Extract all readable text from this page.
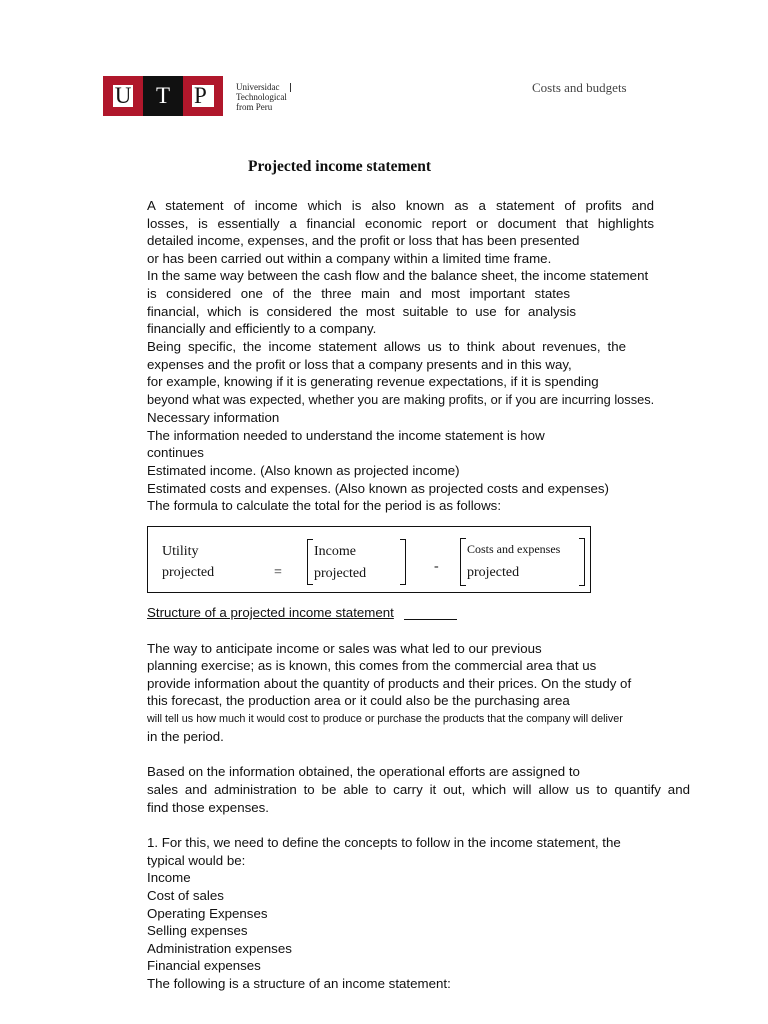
U T P	Universidac
Technological
from Peru
Costs and budgets
Projected income statement
A statement of income which is also known as a statement of profits and
losses, is essentially a financial economic report or document that highlights
detailed income, expenses, and the profit or loss that has been presented
or has been carried out within a company within a limited time frame.
In the same way between the cash flow and the balance sheet, the income statement
is considered one of the three main and most important states
financial, which is considered the most suitable to use for analysis
financially and efficiently to a company.
Being specific, the income statement allows us to think about revenues, the
expenses and the profit or loss that a company presents and in this way,
for example, knowing if it is generating revenue expectations, if it is spending
beyond what was expected, whether you are making profits, or if you are incurring losses.
Necessary information
The information needed to understand the income statement is how
continues
Estimated income. (Also known as projected income)
Estimated costs and expenses. (Also known as projected costs and expenses)
The formula to calculate the total for the period is as follows:
Utility
projected	=
Income
projected	-
Costs and expenses
projected
Structure of a projected income statement
The way to anticipate income or sales was what led to our previous
planning exercise; as is known, this comes from the commercial area that us
provide information about the quantity of products and their prices. On the study of
this forecast, the production area or it could also be the purchasing area
will tell us how much it would cost to produce or purchase the products that the company will deliver
in the period.
Based on the information obtained, the operational efforts are assigned to
sales and administration to be able to carry it out, which will allow us to quantify and
find those expenses.
1. For this, we need to define the concepts to follow in the income statement, the
typical would be:
Income
Cost of sales
Operating Expenses
Selling expenses
Administration expenses
Financial expenses
The following is a structure of an income statement:
